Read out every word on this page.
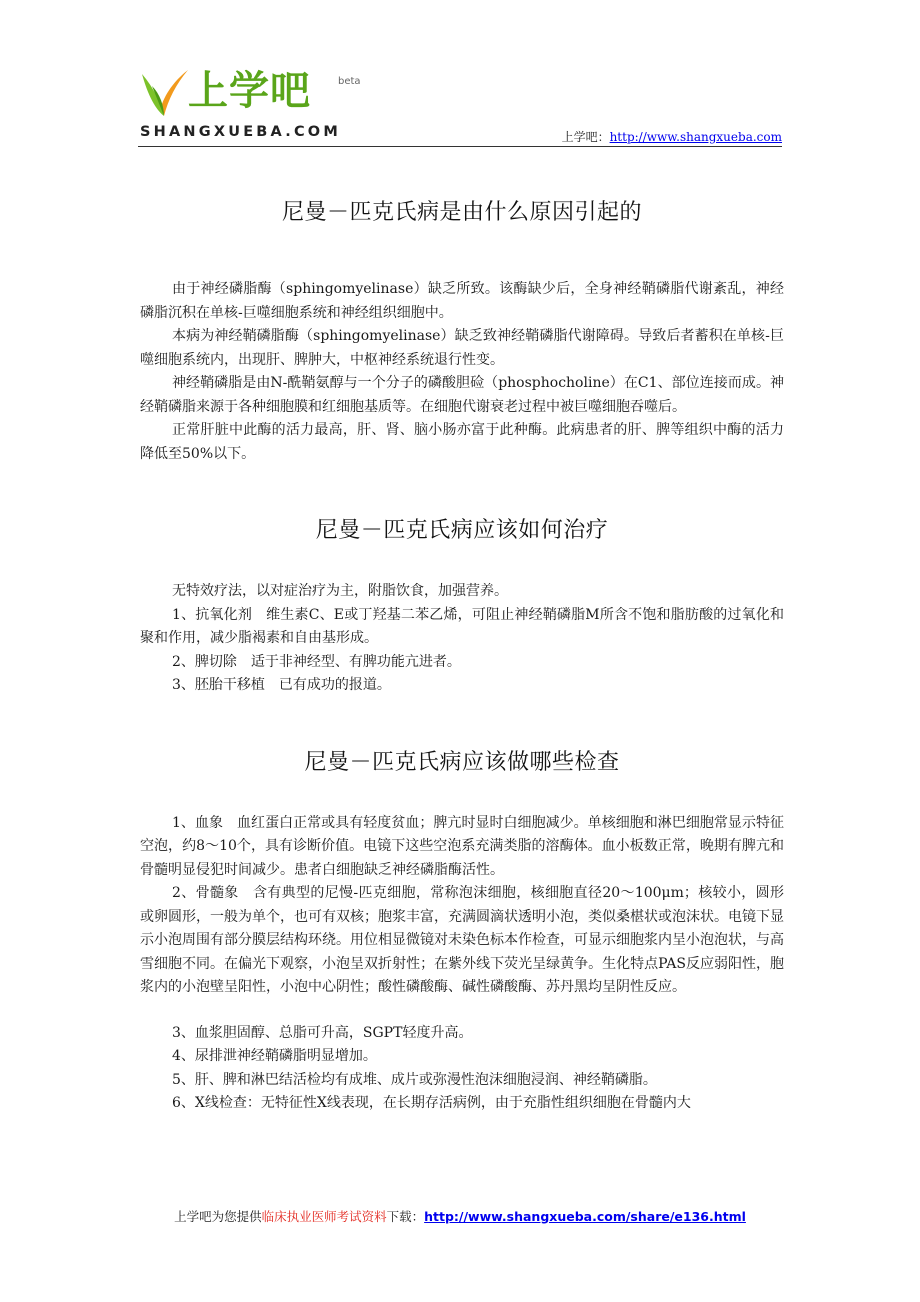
上学吧	beta
SHANGXUEBA.COM	上学吧：http://www.shangxueba.com
尼曼－匹克氏病是由什么原因引起的

由于神经磷脂酶（sphingomyelinase）缺乏所致。该酶缺少后，全身神经鞘磷脂代谢紊乱，神经磷脂沉积在单核-巨噬细胞系统和神经组织细胞中。

本病为神经鞘磷脂酶（sphingomyelinase）缺乏致神经鞘磷脂代谢障碍。导致后者蓄积在单核-巨噬细胞系统内，出现肝、脾肿大，中枢神经系统退行性变。

神经鞘磷脂是由N-酰鞘氨醇与一个分子的磷酸胆硷（phosphocholine）在C1、部位连接而成。神经鞘磷脂来源于各种细胞膜和红细胞基质等。在细胞代谢衰老过程中被巨噬细胞吞噬后。

正常肝脏中此酶的活力最高，肝、肾、脑小肠亦富于此种酶。此病患者的肝、脾等组织中酶的活力降低至50%以下。

尼曼－匹克氏病应该如何治疗

无特效疗法，以对症治疗为主，附脂饮食，加强营养。

1、抗氧化剂　维生素C、E或丁羟基二苯乙烯，可阻止神经鞘磷脂M所含不饱和脂肪酸的过氧化和聚和作用，减少脂褐素和自由基形成。

2、脾切除　适于非神经型、有脾功能亢进者。

3、胚胎干移植　已有成功的报道。

尼曼－匹克氏病应该做哪些检查

1、血象　血红蛋白正常或具有轻度贫血；脾亢时显时白细胞减少。单核细胞和淋巴细胞常显示特征空泡，约8～10个，具有诊断价值。电镜下这些空泡系充满类脂的溶酶体。血小板数正常，晚期有脾亢和骨髓明显侵犯时间减少。患者白细胞缺乏神经磷脂酶活性。

2、骨髓象　含有典型的尼慢-匹克细胞，常称泡沫细胞，核细胞直径20～100μm；核较小，圆形或卵圆形，一般为单个，也可有双核；胞浆丰富，充满圆滴状透明小泡，类似桑椹状或泡沫状。电镜下显示小泡周围有部分膜层结构环绕。用位相显微镜对未染色标本作检查，可显示细胞浆内呈小泡泡状，与高雪细胞不同。在偏光下观察，小泡呈双折射性；在紫外线下荧光呈绿黄争。生化特点PAS反应弱阳性，胞浆内的小泡壁呈阳性，小泡中心阴性；酸性磷酸酶、碱性磷酸酶、苏丹黑均呈阴性反应。

3、血浆胆固醇、总脂可升高，SGPT轻度升高。

4、尿排泄神经鞘磷脂明显增加。

5、肝、脾和淋巴结活检均有成堆、成片或弥漫性泡沫细胞浸润、神经鞘磷脂。

6、X线检查：无特征性X线表现，在长期存活病例，由于充脂性组织细胞在骨髓内大

上学吧为您提供临床执业医师考试资料下载：http://www.shangxueba.com/share/e136.html
